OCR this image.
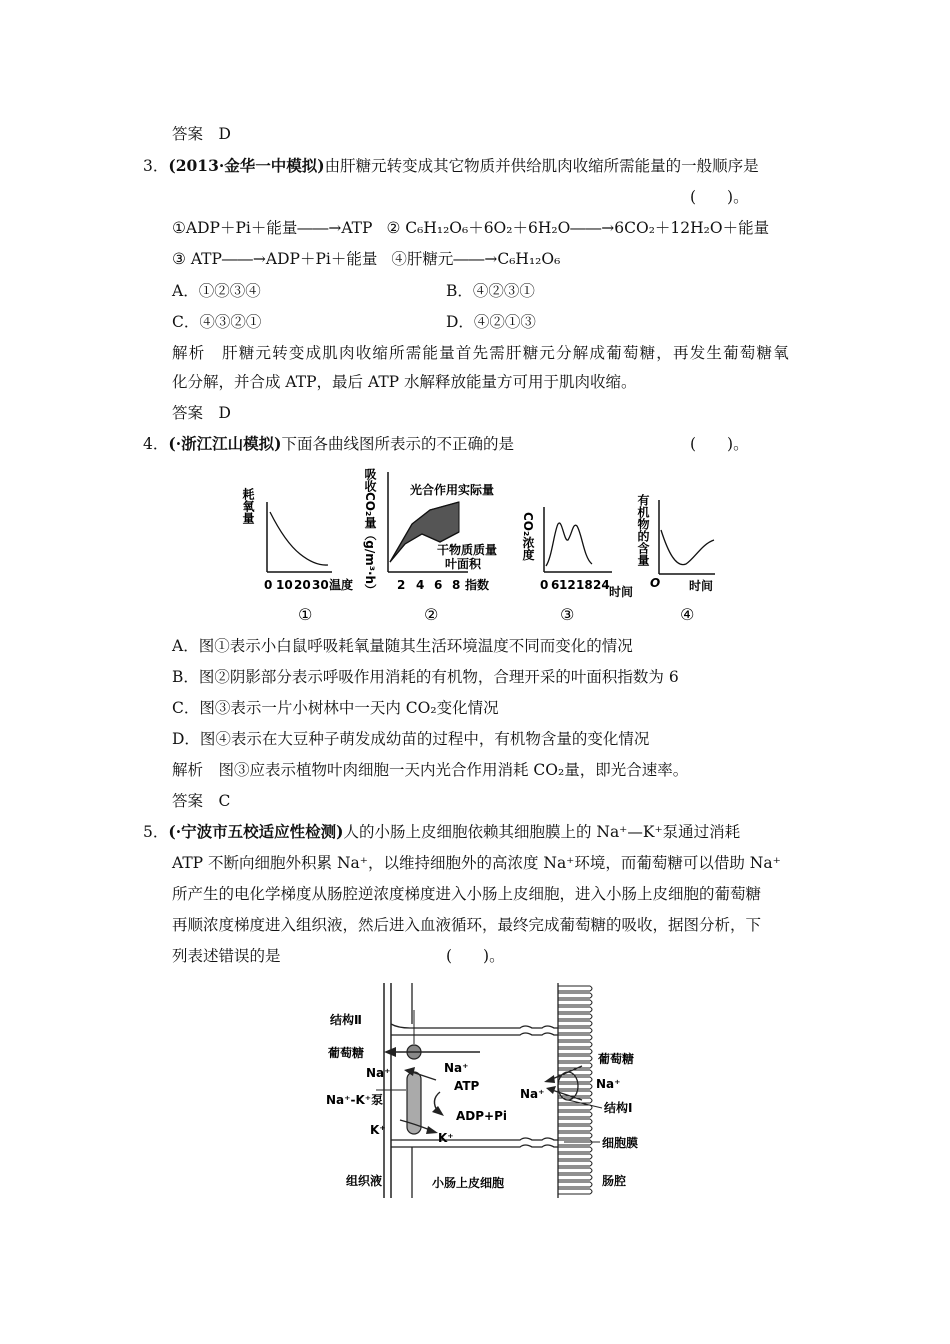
答案　D
3．(2013·金华一中模拟)由肝糖元转变成其它物质并供给肌肉收缩所需能量的一般顺序是
(　　)。
①ADP＋Pi＋能量――→ATP ② C₆H₁₂O₆＋6O₂＋6H₂O――→6CO₂＋12H₂O＋能量
③ ATP――→ADP＋Pi＋能量 ④肝糖元――→C₆H₁₂O₆
A．①②③④	B．④②③①
C．④③②①	D．④②①③
解析　肝糖元转变成肌肉收缩所需能量首先需肝糖元分解成葡萄糖，再发生葡萄糖氧
化分解，并合成 ATP，最后 ATP 水解释放能量方可用于肌肉收缩。
答案　D
4．(·浙江江山模拟)下面各曲线图所表示的不正确的是	(　　)。
耗氧量
0 10 20 30 温度
①
吸收CO₂量（g/m³·h）	光合作用实际量
干物质质量
叶面积
2 4 6 8 指数
②
CO₂浓度
0 6 12 18 24 时间
③
有机物的含量
O 时间
④
A．图①表示小白鼠呼吸耗氧量随其生活环境温度不同而变化的情况
B．图②阴影部分表示呼吸作用消耗的有机物，合理开采的叶面积指数为 6
C．图③表示一片小树林中一天内 CO₂变化情况
D．图④表示在大豆种子萌发成幼苗的过程中，有机物含量的变化情况
解析　图③应表示植物叶肉细胞一天内光合作用消耗 CO₂量，即光合速率。
答案　C
5．(·宁波市五校适应性检测)人的小肠上皮细胞依赖其细胞膜上的 Na⁺—K⁺泵通过消耗
ATP 不断向细胞外积累 Na⁺，以维持细胞外的高浓度 Na⁺环境，而葡萄糖可以借助 Na⁺
所产生的电化学梯度从肠腔逆浓度梯度进入小肠上皮细胞，进入小肠上皮细胞的葡萄糖
再顺浓度梯度进入组织液，然后进入血液循环，最终完成葡萄糖的吸收，据图分析，下
列表述错误的是	(　　)。
结构Ⅱ
葡萄糖
Na⁺
Na⁺-K⁺泵
K⁺
Na⁺
ATP
ADP+Pi
K⁺
葡萄糖
Na⁺
Na⁺
结构Ⅰ
细胞膜
组织液	小肠上皮细胞	肠腔
